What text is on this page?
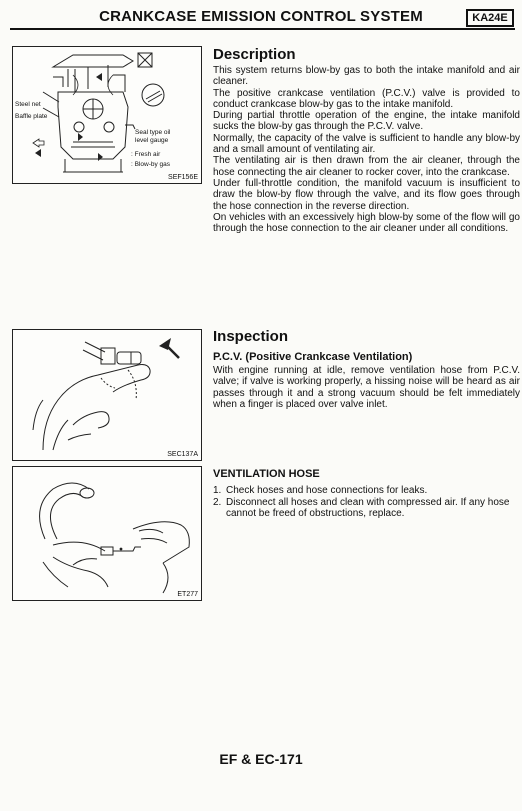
CRANKCASE EMISSION CONTROL SYSTEM	KA24E
Steel net
Baffle plate
Seal type oil
level gauge
: Fresh air
: Blow-by gas
SEF156E
Description
This system returns blow-by gas to both the intake manifold and air cleaner.
The positive crankcase ventilation (P.C.V.) valve is provided to conduct crankcase blow-by gas to the intake manifold.
During partial throttle operation of the engine, the intake manifold sucks the blow-by gas through the P.C.V. valve.
Normally, the capacity of the valve is sufficient to handle any blow-by and a small amount of ventilating air.
The ventilating air is then drawn from the air cleaner, through the hose connecting the air cleaner to rocker cover, into the crankcase.
Under full-throttle condition, the manifold vacuum is insufficient to draw the blow-by flow through the valve, and its flow goes through the hose connection in the reverse direction.
On vehicles with an excessively high blow-by some of the flow will go through the hose connection to the air cleaner under all conditions.
SEC137A
Inspection
P.C.V. (Positive Crankcase Ventilation)
With engine running at idle, remove ventilation hose from P.C.V. valve; if valve is working properly, a hissing noise will be heard as air passes through it and a strong vacuum should be felt immediately when a finger is placed over valve inlet.
ET277
VENTILATION HOSE
1. Check hoses and hose connections for leaks.
2. Disconnect all hoses and clean with compressed air. If any hose cannot be freed of obstructions, replace.
EF & EC-171
